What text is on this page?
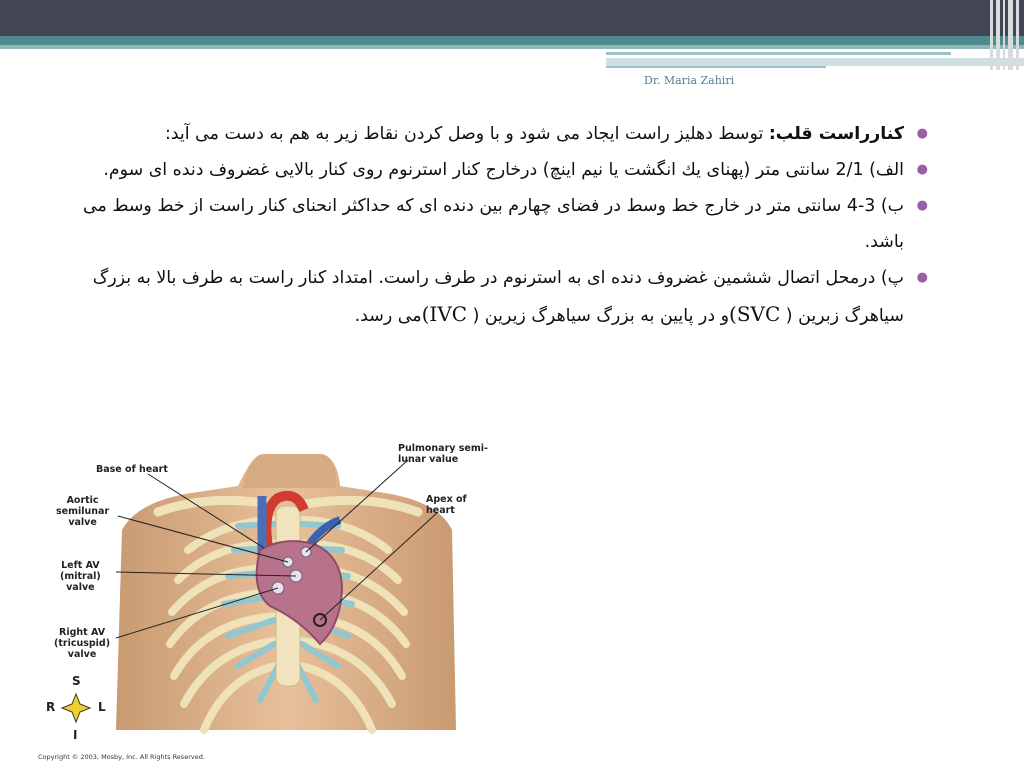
Dr. Maria Zahiri

●
کنارراست قلب: توسط دهلیز راست ایجاد می شود و با وصل کردن نقاط زیر به هم به دست می آید:

●
الف) 2/1 سانتی متر (پهنای یك انگشت یا نیم اینچ) درخارج کنار استرنوم روی کنار بالایی غضروف دنده ای سوم.

●
ب) 3-4 سانتی متر در خارج خط وسط در فضای چهارم بین دنده ای که حداکثر انحنای کنار راست از خط وسط می باشد.

●
پ) درمحل اتصال ششمین غضروف دنده ای به استرنوم در طرف راست. امتداد کنار راست به طرف بالا به بزرگ سیاهرگ زبرین ( (SVCو در پایین به بزرگ سیاهرگ زیرین ( (IVCمی رسد.

Base of heart
Pulmonary semi-
lunar value
Aortic
semilunar
valve
Apex of
heart
Left AV
(mitral)
valve
Right AV
(tricuspid)
valve
S
I
R	L
Copyright © 2003, Mosby, Inc. All Rights Reserved.
